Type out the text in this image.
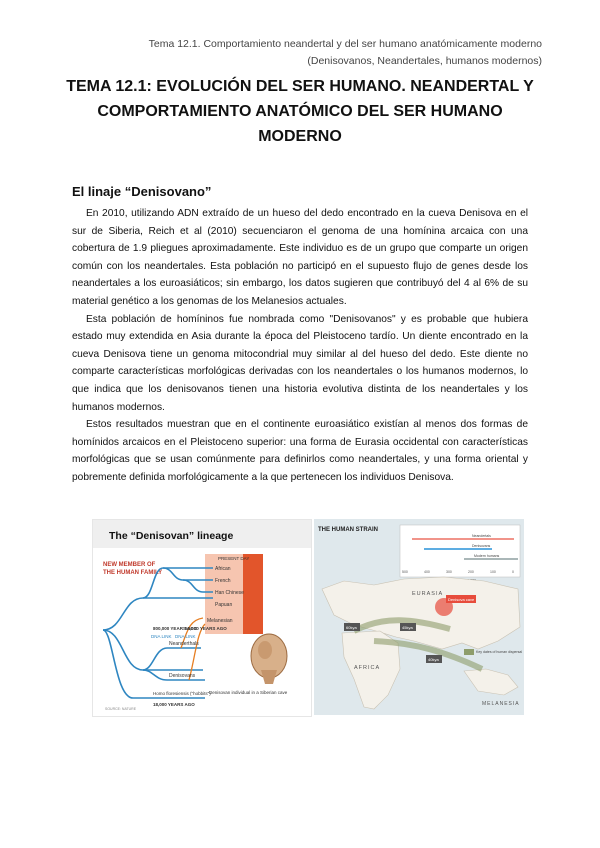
Tema 12.1. Comportamiento neandertal y del ser humano anatómicamente moderno
(Denisovanos, Neandertales, humanos modernos)
TEMA 12.1: EVOLUCIÓN DEL SER HUMANO. NEANDERTAL Y
COMPORTAMIENTO ANATÓMICO DEL SER HUMANO
MODERNO
El linaje “Denisovano”

En 2010, utilizando ADN extraído de un hueso del dedo encontrado en la cueva Denisova en el sur de Siberia, Reich et al (2010) secuenciaron el genoma de una homínina arcaica con una cobertura de 1.9 pliegues aproximadamente. Este individuo es de un grupo que comparte un origen común con los neandertales. Esta población no participó en el supuesto flujo de genes desde los neandertales a los euroasiáticos; sin embargo, los datos sugieren que contribuyó del 4 al 6% de su material genético a los genomas de los Melanesios actuales.

Esta población de homíninos fue nombrada como "Denisovanos" y es probable que hubiera estado muy extendida en Asia durante la época del Pleistoceno tardío. Un diente encontrado en la cueva Denisova tiene un genoma mitocondrial muy similar al del hueso del dedo. Este diente no comparte características morfológicas derivadas con los neandertales o los humanos modernos, lo que indica que los denisovanos tienen una historia evolutiva distinta de los neandertales y los humanos modernos.

Estos resultados muestran que en el continente euroasiático existían al menos dos formas de homínidos arcaicos en el Pleistoceno superior: una forma de Eurasia occidental con características morfológicas que se usan comúnmente para definirlos como neandertales, y una forma oriental y pobremente definida morfológicamente a la que pertenecen los individuos Denisova.

The “Denisovan” lineage
NEW MEMBER OF
THE HUMAN FAMILY
PRESENT DAY
African
French
Han Chinese
Papuan
Melanesian
DNA LINK DNA LINK
800,000 YEARS AGO
50,000 YEARS AGO
Neanderthals
Denisovans
Denisovan individual in a Siberian cave
Homo floresiensis ("hobbits")
18,000 YEARS AGO
SOURCE: NATURE
THE HUMAN STRAIN
Neandertals
Denisovans
Modern humans
500	400	300	200	100	0
Denisova cave
EURASIA
AFRICA
MELANESIA
60kya	45kya
40kya
Key dates of human dispersal
